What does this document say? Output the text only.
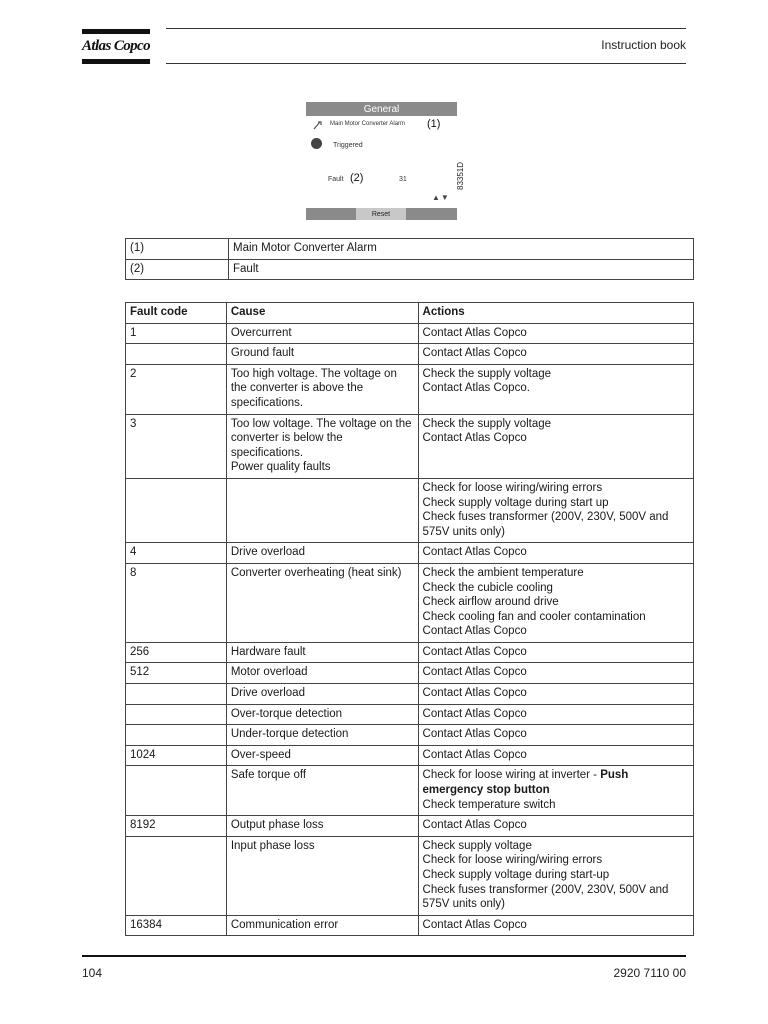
Atlas Copco	Instruction book
General
Main Motor Converter Alarm (1)
Triggered
Fault (2)	31
▲▼
Reset
83351D
(1)	Main Motor Converter Alarm
(2)	Fault
Fault code	Cause	Actions
1	Overcurrent	Contact Atlas Copco
	Ground fault	Contact Atlas Copco
2	Too high voltage. The voltage on the converter is above the specifications.	Check the supply voltage
Contact Atlas Copco.
3	Too low voltage. The voltage on the converter is below the specifications.
Power quality faults	Check the supply voltage
Contact Atlas Copco
		Check for loose wiring/wiring errors
Check supply voltage during start up
Check fuses transformer (200V, 230V, 500V and 575V units only)
4	Drive overload	Contact Atlas Copco
8	Converter overheating (heat sink)	Check the ambient temperature
Check the cubicle cooling
Check airflow around drive
Check cooling fan and cooler contamination
Contact Atlas Copco
256	Hardware fault	Contact Atlas Copco
512	Motor overload	Contact Atlas Copco
	Drive overload	Contact Atlas Copco
	Over-torque detection	Contact Atlas Copco
	Under-torque detection	Contact Atlas Copco
1024	Over-speed	Contact Atlas Copco
	Safe torque off	Check for loose wiring at inverter - Push emergency stop button
Check temperature switch
8192	Output phase loss	Contact Atlas Copco
	Input phase loss	Check supply voltage
Check for loose wiring/wiring errors
Check supply voltage during start-up
Check fuses transformer (200V, 230V, 500V and 575V units only)
16384	Communication error	Contact Atlas Copco
104	2920 7110 00
